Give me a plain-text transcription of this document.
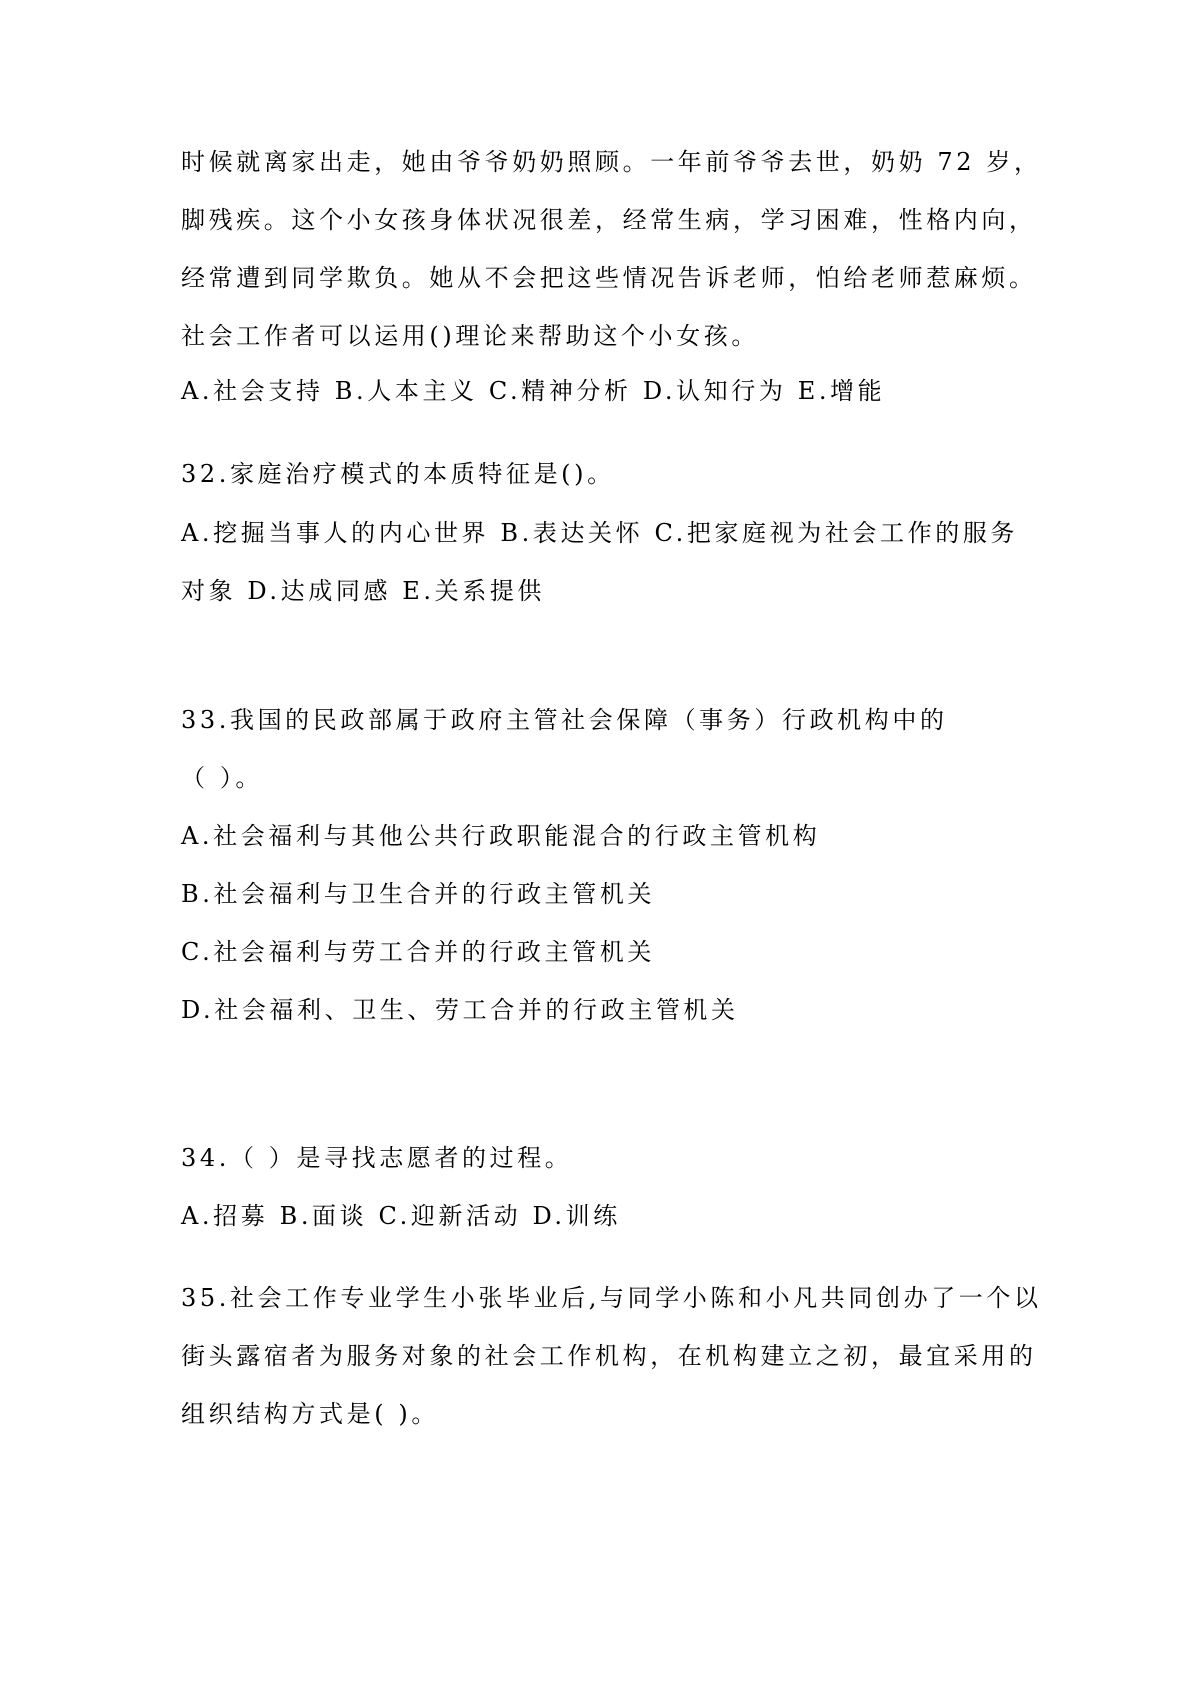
时候就离家出走，她由爷爷奶奶照顾。一年前爷爷去世，奶奶 72 岁，
脚残疾。这个小女孩身体状况很差，经常生病，学习困难，性格内向，
经常遭到同学欺负。她从不会把这些情况告诉老师，怕给老师惹麻烦。
社会工作者可以运用()理论来帮助这个小女孩。
A.社会支持 B.人本主义 C.精神分析 D.认知行为 E.增能
32.家庭治疗模式的本质特征是()。
A.挖掘当事人的内心世界 B.表达关怀 C.把家庭视为社会工作的服务
对象 D.达成同感 E.关系提供
33.我国的民政部属于政府主管社会保障（事务）行政机构中的
（ ）。
A.社会福利与其他公共行政职能混合的行政主管机构
B.社会福利与卫生合并的行政主管机关
C.社会福利与劳工合并的行政主管机关
D.社会福利、卫生、劳工合并的行政主管机关
34.（ ）是寻找志愿者的过程。
A.招募 B.面谈 C.迎新活动 D.训练
35.社会工作专业学生小张毕业后,与同学小陈和小凡共同创办了一个以
街头露宿者为服务对象的社会工作机构，在机构建立之初，最宜采用的
组织结构方式是( )。
